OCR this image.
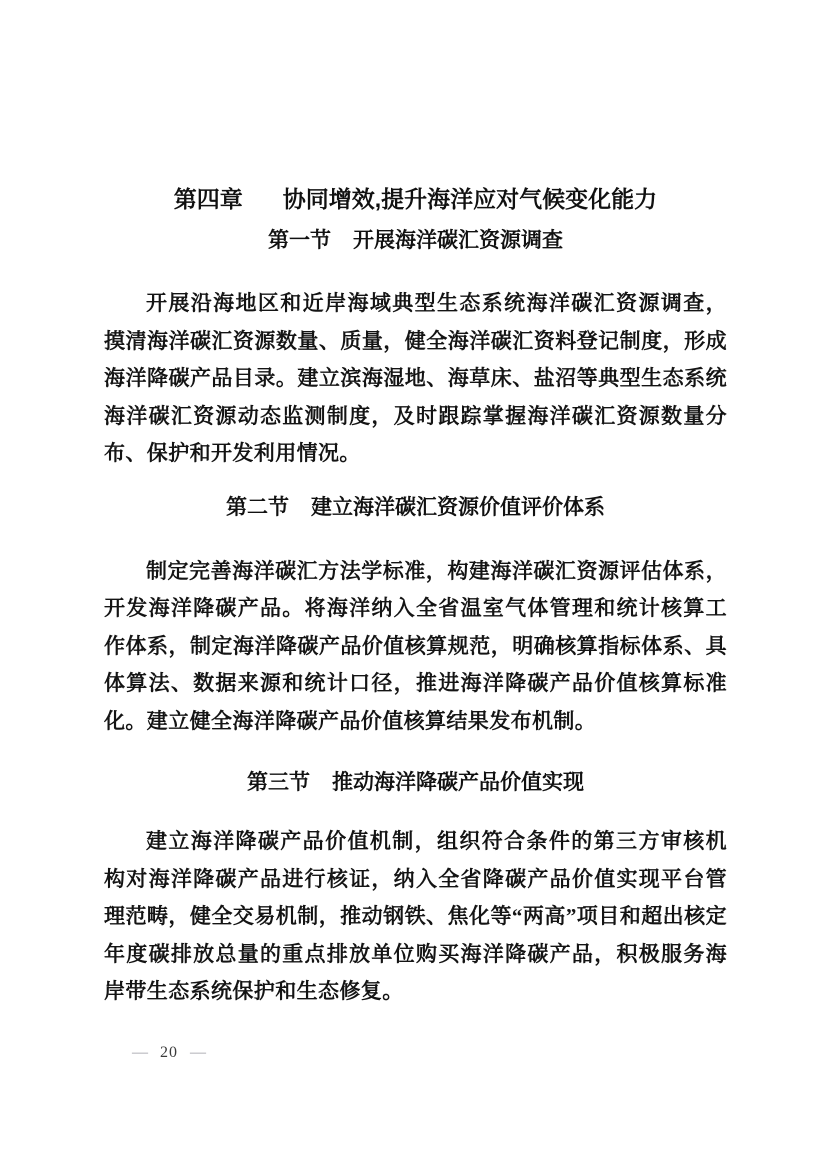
第四章 协同增效,提升海洋应对气候变化能力
第一节 开展海洋碳汇资源调查
开展沿海地区和近岸海域典型生态系统海洋碳汇资源调查，
摸清海洋碳汇资源数量、质量，健全海洋碳汇资料登记制度，形成
海洋降碳产品目录。建立滨海湿地、海草床、盐沼等典型生态系统
海洋碳汇资源动态监测制度，及时跟踪掌握海洋碳汇资源数量分
布、保护和开发利用情况。
第二节 建立海洋碳汇资源价值评价体系
制定完善海洋碳汇方法学标准，构建海洋碳汇资源评估体系，
开发海洋降碳产品。将海洋纳入全省温室气体管理和统计核算工
作体系，制定海洋降碳产品价值核算规范，明确核算指标体系、具
体算法、数据来源和统计口径，推进海洋降碳产品价值核算标准
化。建立健全海洋降碳产品价值核算结果发布机制。
第三节 推动海洋降碳产品价值实现
建立海洋降碳产品价值机制，组织符合条件的第三方审核机
构对海洋降碳产品进行核证，纳入全省降碳产品价值实现平台管
理范畴，健全交易机制，推动钢铁、焦化等“两高”项目和超出核定
年度碳排放总量的重点排放单位购买海洋降碳产品，积极服务海
岸带生态系统保护和生态修复。
— 20 —
